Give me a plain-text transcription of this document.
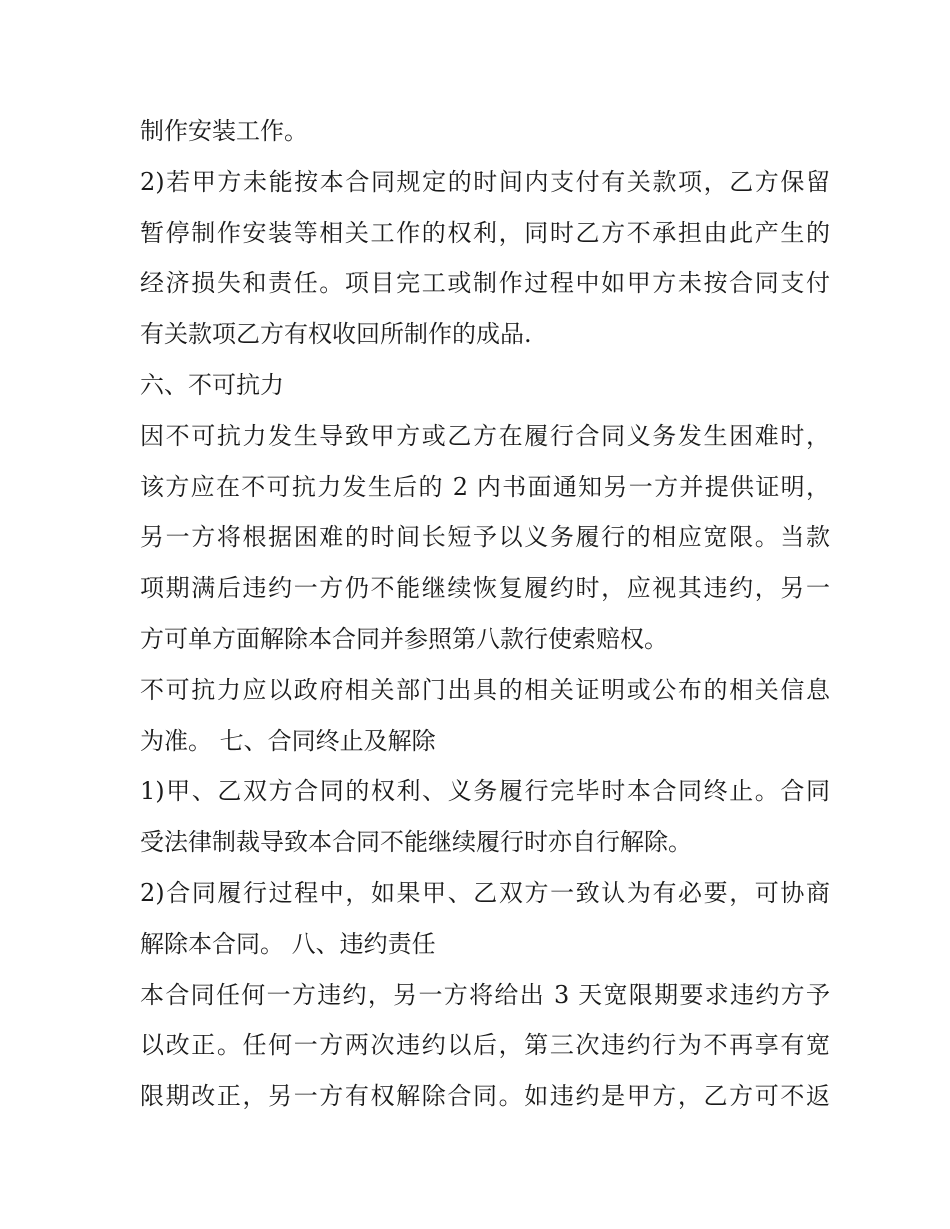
制作安装工作。
2)若甲方未能按本合同规定的时间内支付有关款项，乙方保留
暂停制作安装等相关工作的权利，同时乙方不承担由此产生的
经济损失和责任。项目完工或制作过程中如甲方未按合同支付
有关款项乙方有权收回所制作的成品.
六、不可抗力
因不可抗力发生导致甲方或乙方在履行合同义务发生困难时，
该方应在不可抗力发生后的 2 内书面通知另一方并提供证明，
另一方将根据困难的时间长短予以义务履行的相应宽限。当款
项期满后违约一方仍不能继续恢复履约时，应视其违约，另一
方可单方面解除本合同并参照第八款行使索赔权。
不可抗力应以政府相关部门出具的相关证明或公布的相关信息
为准。 七、合同终止及解除
1)甲、乙双方合同的权利、义务履行完毕时本合同终止。合同
受法律制裁导致本合同不能继续履行时亦自行解除。
2)合同履行过程中，如果甲、乙双方一致认为有必要，可协商
解除本合同。 八、违约责任
本合同任何一方违约，另一方将给出 3 天宽限期要求违约方予
以改正。任何一方两次违约以后，第三次违约行为不再享有宽
限期改正，另一方有权解除合同。如违约是甲方，乙方可不返
